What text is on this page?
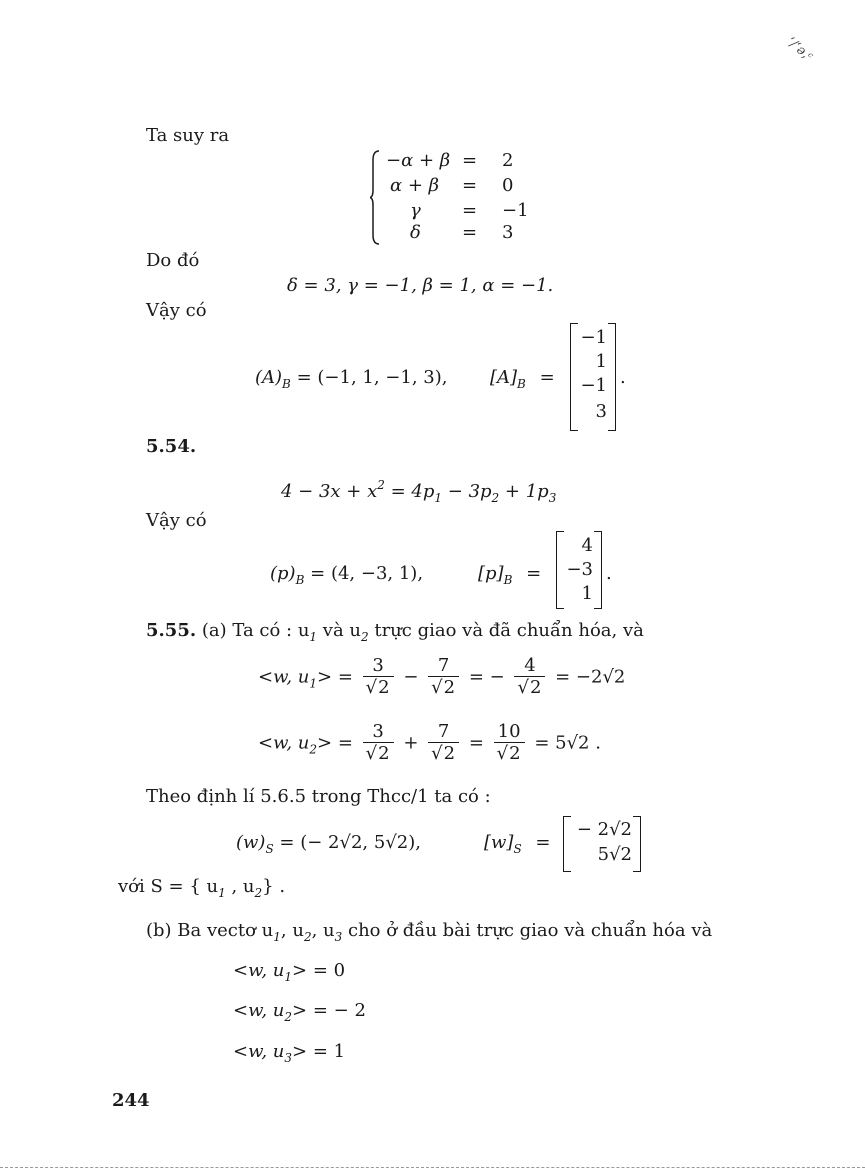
ʻ/ʻə,ᶜ
Ta suy ra
−α + β = 2
α + β = 0
γ = −1
δ = 3
Do đó
δ = 3, γ = −1, β = 1, α = −1.
Vậy có
$(A)_B = (-1$, 1, −1, 3), $[A]_B$ =
−1
1
−1
3
.
5.54.
$4 - 3x + x^2 = 4p_1 - 3p_2 + 1p_3$
Vậy có
$(p)_B = (4$, −3, 1),	$[p]_B$ =
4
−3
1
.
5.55. (a) Ta có : $u_1$ và $u_2$ trực giao và đã chuẩn hóa, và
<w, $u_1> = \frac{3}{√2} - \frac{7}{√2}$ = − $\frac{4}{√2} = -2√2$
<w, $u_2> = \frac{3}{√2} + \frac{7}{√2} = \frac{10}{√2} = 5√2$ .
Theo định lí 5.6.5 trong Thcc/1 ta có :
$(w)_S$ = (− 2√2, 5√2),	$[w]_S$ =
− 2√2
5√2
với S = { $u_1$ , $u_2$} .
(b) Ba vectơ $u_1$, $u_2$, $u_3$ cho ở đầu bài trực giao và chuẩn hóa và
<w, $u_1> = 0$
<w, $u_2>$ = − 2
<w, $u_3> = 1$
244
